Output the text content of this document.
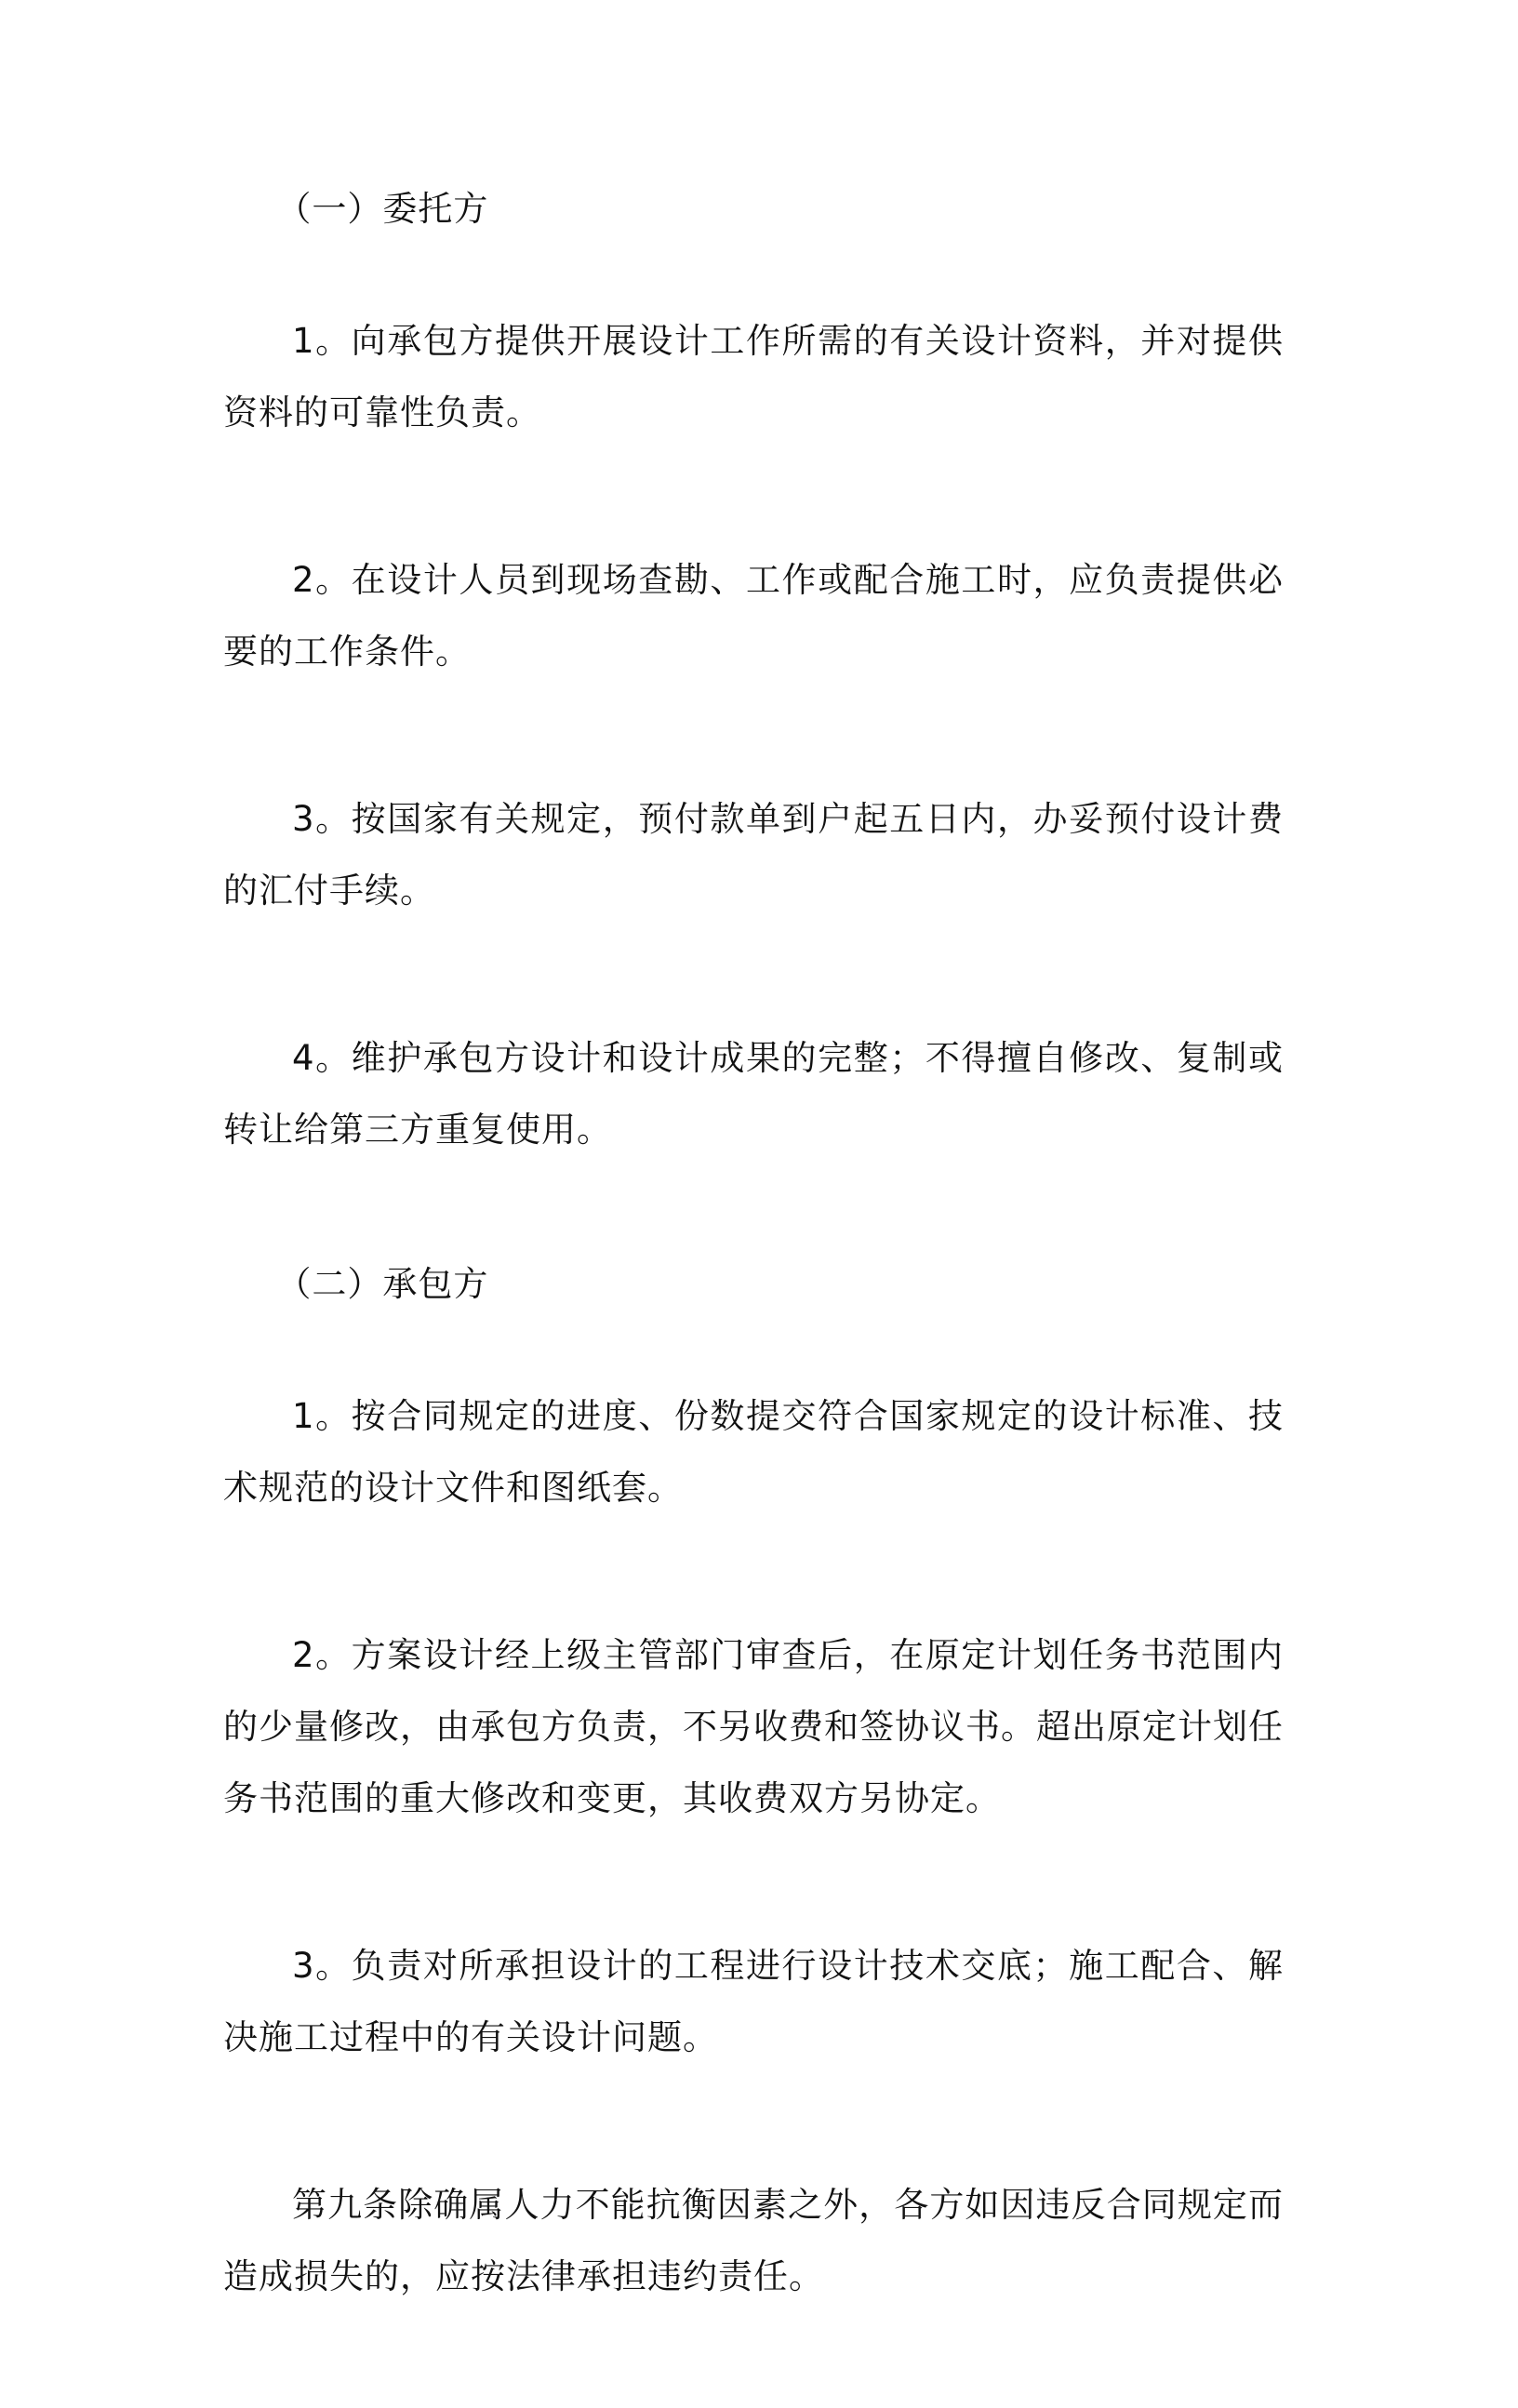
（一）委托方

1。向承包方提供开展设计工作所需的有关设计资料，并对提供资料的可靠性负责。

2。在设计人员到现场查勘、工作或配合施工时，应负责提供必要的工作条件。

3。按国家有关规定，预付款单到户起五日内，办妥预付设计费的汇付手续。

4。维护承包方设计和设计成果的完整；不得擅自修改、复制或转让给第三方重复使用。

（二）承包方

1。按合同规定的进度、份数提交符合国家规定的设计标准、技术规范的设计文件和图纸套。

2。方案设计经上级主管部门审查后，在原定计划任务书范围内的少量修改，由承包方负责，不另收费和签协议书。超出原定计划任务书范围的重大修改和变更，其收费双方另协定。

3。负责对所承担设计的工程进行设计技术交底；施工配合、解决施工过程中的有关设计问题。

第九条除确属人力不能抗衡因素之外，各方如因违反合同规定而造成损失的，应按法律承担违约责任。
